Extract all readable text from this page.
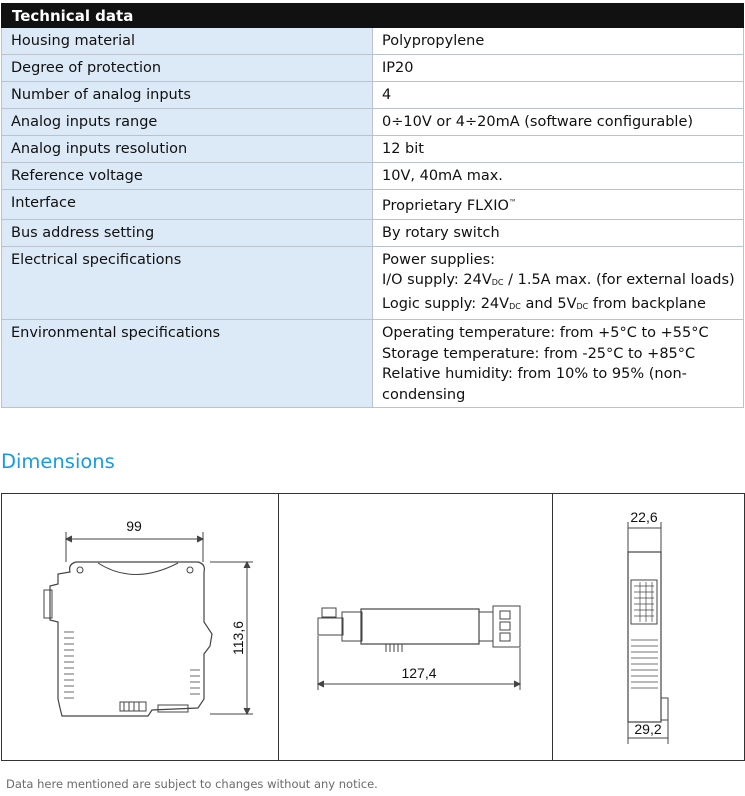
Technical data	
Housing material	Polypropylene
Degree of protection	IP20
Number of analog inputs	4
Analog inputs range	0÷10V or 4÷20mA (software configurable)
Analog inputs resolution	12 bit
Reference voltage	10V, 40mA max.
Interface	Proprietary FLXIO™
Bus address setting	By rotary switch
Electrical specifications	Power supplies:
I/O supply: $24V_{DC} / 1.5A$ max. (for external loads)
Logic supply: $24V_{DC}$ and $5V_{DC}$ from backplane

Environmental specifications	Operating temperature: from +5°C to +55°C
Storage temperature: from -25°C to +85°C
Relative humidity: from 10% to 95% (non-condensing
Dimensions
99
113,6
127,4
22,6
29,2
Data here mentioned are subject to changes without any notice.
